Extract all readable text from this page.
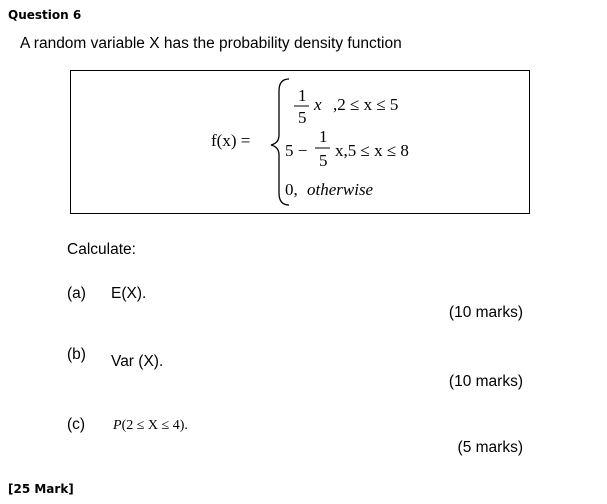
Question 6
A random variable X has the probability density function
f(x) =
1
5
x ,2 ≤ x ≤ 5
5 −
1
5
x,5 ≤ x ≤ 8
0, otherwise
Calculate:
(a) E(X).
(10 marks)
(b) Var (X).
(10 marks)
(c) P(2 ≤ X ≤ 4).
(5 marks)
[25 Mark]
